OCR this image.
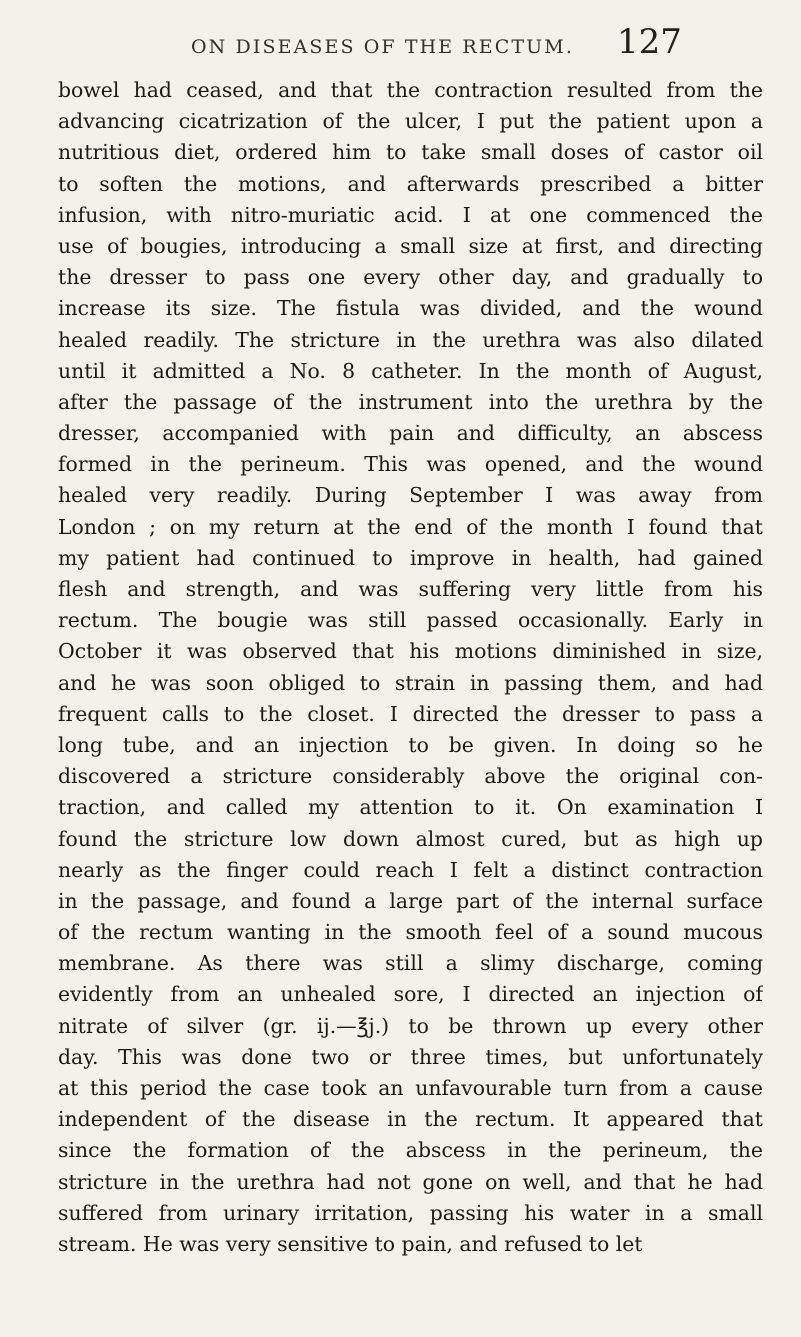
ON DISEASES OF THE RECTUM. 127
bowel had ceased, and that the contraction resulted from the
advancing cicatrization of the ulcer, I put the patient upon a
nutritious diet, ordered him to take small doses of castor oil
to soften the motions, and afterwards prescribed a bitter
infusion, with nitro-muriatic acid. I at one commenced the
use of bougies, introducing a small size at first, and directing
the dresser to pass one every other day, and gradually to
increase its size. The fistula was divided, and the wound
healed readily. The stricture in the urethra was also dilated
until it admitted a No. 8 catheter. In the month of August,
after the passage of the instrument into the urethra by the
dresser, accompanied with pain and difficulty, an abscess
formed in the perineum. This was opened, and the wound
healed very readily. During September I was away from
London ; on my return at the end of the month I found that
my patient had continued to improve in health, had gained
flesh and strength, and was suffering very little from his
rectum. The bougie was still passed occasionally. Early in
October it was observed that his motions diminished in size,
and he was soon obliged to strain in passing them, and had
frequent calls to the closet. I directed the dresser to pass a
long tube, and an injection to be given. In doing so he
discovered a stricture considerably above the original con-
traction, and called my attention to it. On examination I
found the stricture low down almost cured, but as high up
nearly as the finger could reach I felt a distinct contraction
in the passage, and found a large part of the internal surface
of the rectum wanting in the smooth feel of a sound mucous
membrane. As there was still a slimy discharge, coming
evidently from an unhealed sore, I directed an injection of
nitrate of silver (gr. ij.—℥j.) to be thrown up every other
day. This was done two or three times, but unfortunately
at this period the case took an unfavourable turn from a cause
independent of the disease in the rectum. It appeared that
since the formation of the abscess in the perineum, the
stricture in the urethra had not gone on well, and that he had
suffered from urinary irritation, passing his water in a small
stream. He was very sensitive to pain, and refused to let
